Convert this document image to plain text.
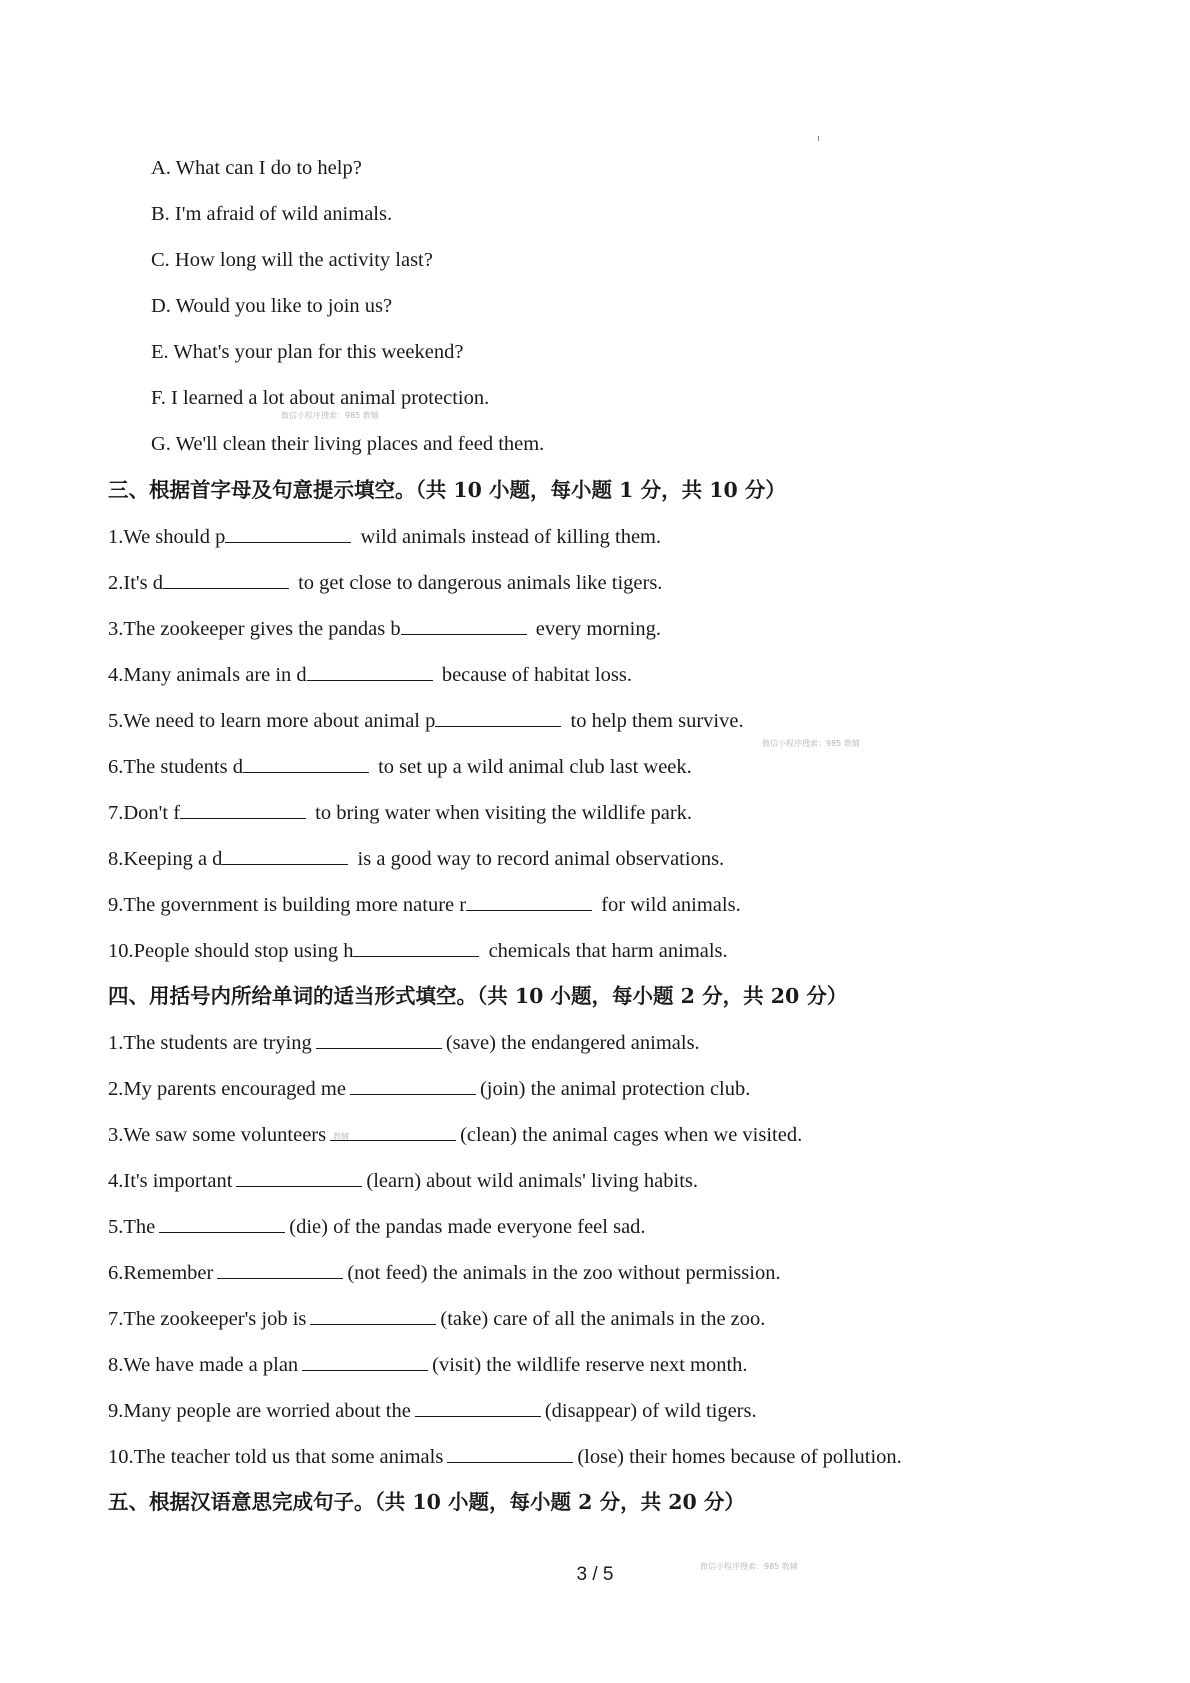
A. What can I do to help?
B. I'm afraid of wild animals.
C. How long will the activity last?
D. Would you like to join us?
E. What's your plan for this weekend?
F. I learned a lot about animal protection.
G. We'll clean their living places and feed them.
微信小程序搜索：985 教辅
三、根据首字母及句意提示填空。（共 10 小题，每小题 1 分，共 10 分）
1.We should p	wild animals instead of killing them.
2.It's d	to get close to dangerous animals like tigers.
3.The zookeeper gives the pandas b	every morning.
4.Many animals are in d	because of habitat loss.
5.We need to learn more about animal p	to help them survive.
微信小程序搜索：985 教辅
6.The students d	to set up a wild animal club last week.
7.Don't f	to bring water when visiting the wildlife park.
8.Keeping a d	is a good way to record animal observations.
9.The government is building more nature r	for wild animals.
10.People should stop using h	chemicals that harm animals.
四、用括号内所给单词的适当形式填空。（共 10 小题，每小题 2 分，共 20 分）
1.The students are trying	(save) the endangered animals.
2.My parents encouraged me	(join) the animal protection club.
3.We saw some volunteers	(clean) the animal cages when we visited.
教辅
4.It's important	(learn) about wild animals' living habits.
5.The	(die) of the pandas made everyone feel sad.
6.Remember	(not feed) the animals in the zoo without permission.
7.The zookeeper's job is	(take) care of all the animals in the zoo.
8.We have made a plan	(visit) the wildlife reserve next month.
9.Many people are worried about the	(disappear) of wild tigers.
10.The teacher told us that some animals	(lose) their homes because of pollution.
五、根据汉语意思完成句子。（共 10 小题，每小题 2 分，共 20 分）
微信小程序搜索：985 教辅
3 / 5
